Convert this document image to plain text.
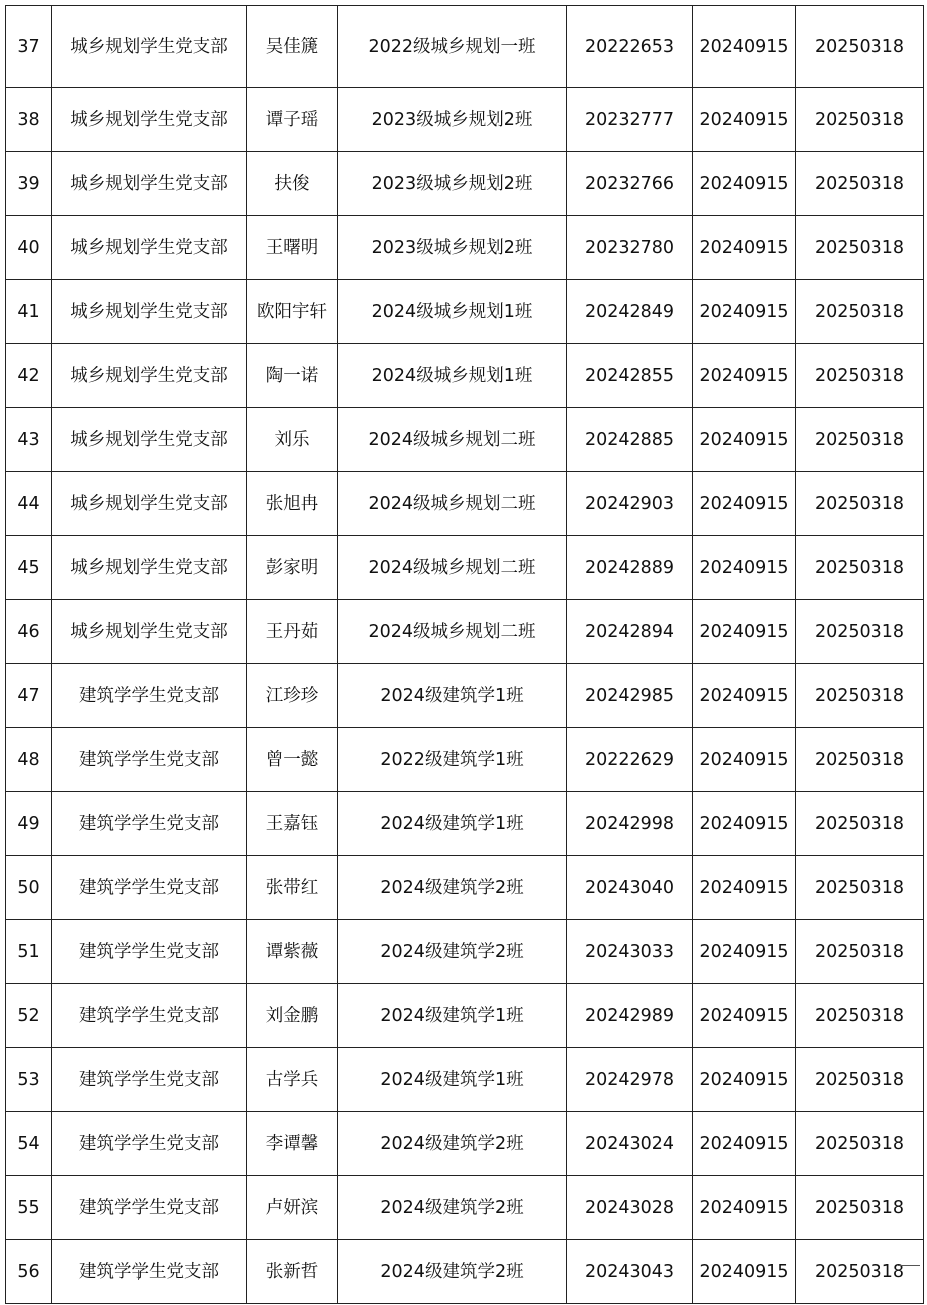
37	城乡规划学生党支部	吴佳篪	2022级城乡规划一班	20222653	20240915	20250318
38	城乡规划学生党支部	谭子瑶	2023级城乡规划2班	20232777	20240915	20250318
39	城乡规划学生党支部	扶俊	2023级城乡规划2班	20232766	20240915	20250318
40	城乡规划学生党支部	王曙明	2023级城乡规划2班	20232780	20240915	20250318
41	城乡规划学生党支部	欧阳宇轩	2024级城乡规划1班	20242849	20240915	20250318
42	城乡规划学生党支部	陶一诺	2024级城乡规划1班	20242855	20240915	20250318
43	城乡规划学生党支部	刘乐	2024级城乡规划二班	20242885	20240915	20250318
44	城乡规划学生党支部	张旭冉	2024级城乡规划二班	20242903	20240915	20250318
45	城乡规划学生党支部	彭家明	2024级城乡规划二班	20242889	20240915	20250318
46	城乡规划学生党支部	王丹茹	2024级城乡规划二班	20242894	20240915	20250318
47	建筑学学生党支部	江珍珍	2024级建筑学1班	20242985	20240915	20250318
48	建筑学学生党支部	曾一懿	2022级建筑学1班	20222629	20240915	20250318
49	建筑学学生党支部	王嘉钰	2024级建筑学1班	20242998	20240915	20250318
50	建筑学学生党支部	张带红	2024级建筑学2班	20243040	20240915	20250318
51	建筑学学生党支部	谭紫薇	2024级建筑学2班	20243033	20240915	20250318
52	建筑学学生党支部	刘金鹏	2024级建筑学1班	20242989	20240915	20250318
53	建筑学学生党支部	古学兵	2024级建筑学1班	20242978	20240915	20250318
54	建筑学学生党支部	李谭馨	2024级建筑学2班	20243024	20240915	20250318
55	建筑学学生党支部	卢妍滨	2024级建筑学2班	20243028	20240915	20250318
56	建筑学学生党支部	张新哲	2024级建筑学2班	20243043	20240915	20250318
